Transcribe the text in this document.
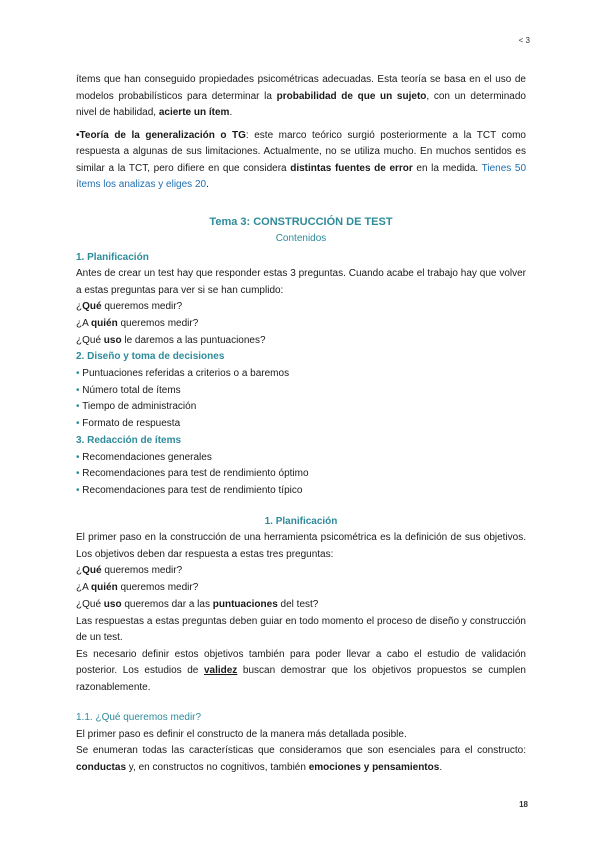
< 3

ítems que han conseguido propiedades psicométricas adecuadas. Esta teoría se basa en el uso de modelos probabilísticos para determinar la probabilidad de que un sujeto, con un determinado nivel de habilidad, acierte un ítem.

•Teoría de la generalización o TG: este marco teórico surgió posteriormente a la TCT como respuesta a algunas de sus limitaciones. Actualmente, no se utiliza mucho. En muchos sentidos es similar a la TCT, pero difiere en que considera distintas fuentes de error en la medida. Tienes 50 ítems los analizas y eliges 20.

Tema 3: CONSTRUCCIÓN DE TEST
Contenidos
1. Planificación

Antes de crear un test hay que responder estas 3 preguntas. Cuando acabe el trabajo hay que volver a estas preguntas para ver si se han cumplido:

¿Qué queremos medir?

¿A quién queremos medir?

¿Qué uso le daremos a las puntuaciones?

2. Diseño y toma de decisiones

• Puntuaciones referidas a criterios o a baremos

• Número total de ítems

• Tiempo de administración

• Formato de respuesta

3. Redacción de ítems

• Recomendaciones generales

• Recomendaciones para test de rendimiento óptimo

• Recomendaciones para test de rendimiento típico

1. Planificación

El primer paso en la construcción de una herramienta psicométrica es la definición de sus objetivos. Los objetivos deben dar respuesta a estas tres preguntas:

¿Qué queremos medir?

¿A quién queremos medir?

¿Qué uso queremos dar a las puntuaciones del test?

Las respuestas a estas preguntas deben guiar en todo momento el proceso de diseño y construcción de un test.

Es necesario definir estos objetivos también para poder llevar a cabo el estudio de validación posterior. Los estudios de validez buscan demostrar que los objetivos propuestos se cumplen razonablemente.

1.1. ¿Qué queremos medir?

El primer paso es definir el constructo de la manera más detallada posible.

Se enumeran todas las características que consideramos que son esenciales para el constructo: conductas y, en constructos no cognitivos, también emociones y pensamientos.

18
